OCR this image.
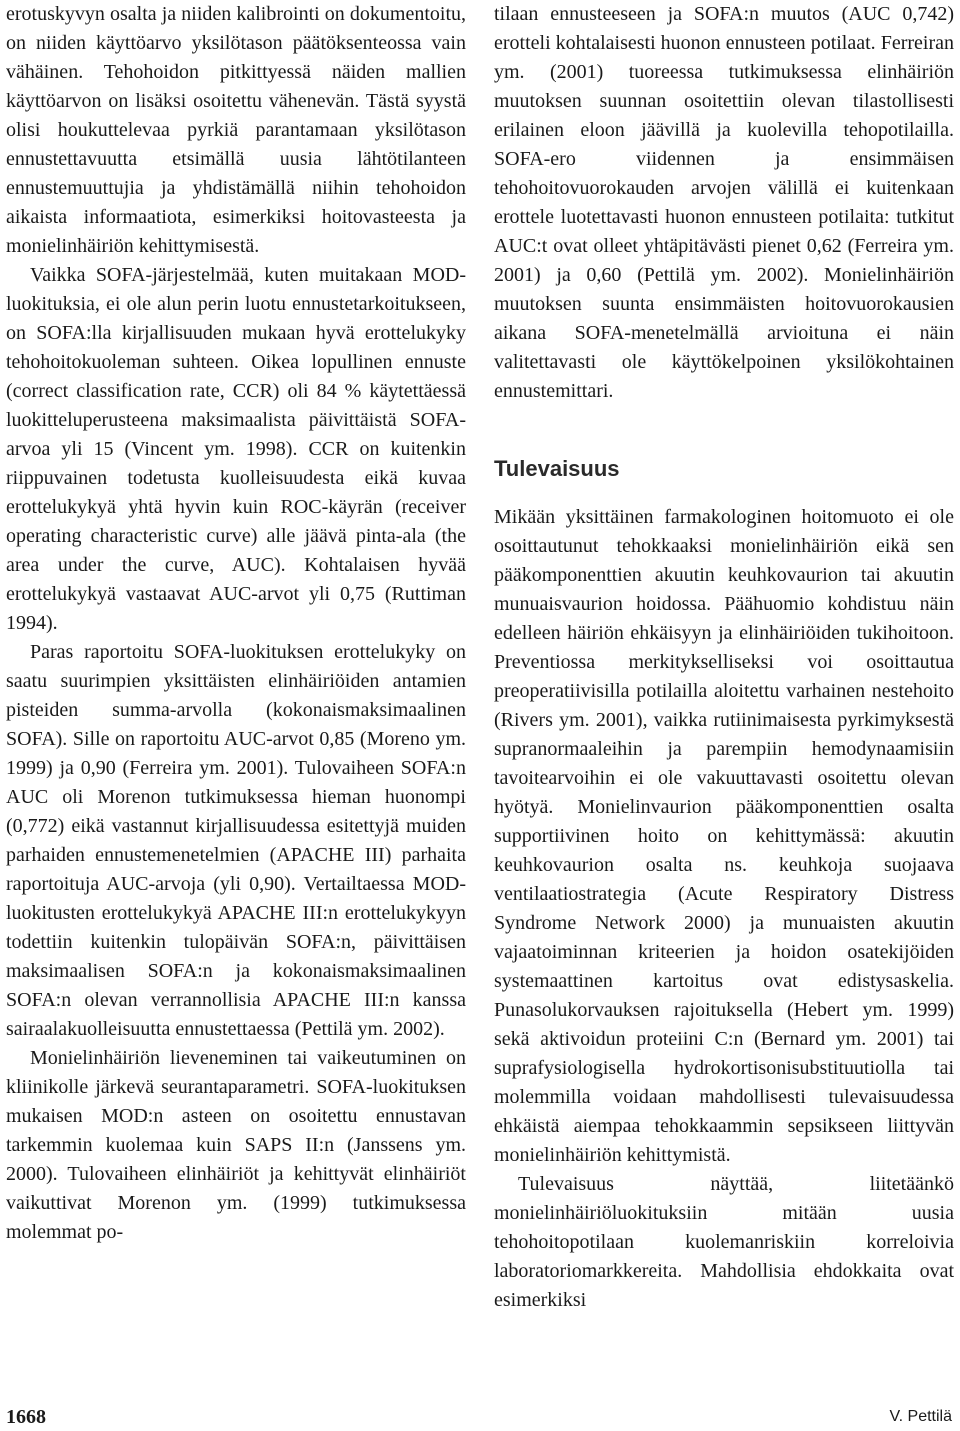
erotuskyvyn osalta ja niiden kalibrointi on dokumentoitu, on niiden käyttöarvo yksilötason päätöksenteossa vain vähäinen. Tehohoidon pitkittyessä näiden mallien käyttöarvon on lisäksi osoitettu vähenevän. Tästä syystä olisi houkuttelevaa pyrkiä parantamaan yksilötason ennustettavuutta etsimällä uusia lähtötilanteen ennustemuuttujia ja yhdistämällä niihin tehohoidon aikaista informaatiota, esimerkiksi hoitovasteesta ja monielinhäiriön kehittymisestä.

Vaikka SOFA-järjestelmää, kuten muitakaan MOD-luokituksia, ei ole alun perin luotu ennustetarkoitukseen, on SOFA:lla kirjallisuuden mukaan hyvä erottelukyky tehohoitokuoleman suhteen. Oikea lopullinen ennuste (correct classification rate, CCR) oli 84 % käytettäessä luokitteluperusteena maksimaalista päivittäistä SOFA-arvoa yli 15 (Vincent ym. 1998). CCR on kuitenkin riippuvainen todetusta kuolleisuudesta eikä kuvaa erottelukykyä yhtä hyvin kuin ROC-käyrän (receiver operating characteristic curve) alle jäävä pinta-ala (the area under the curve, AUC). Kohtalaisen hyvää erottelukykyä vastaavat AUC-arvot yli 0,75 (Ruttiman 1994).

Paras raportoitu SOFA-luokituksen erottelukyky on saatu suurimpien yksittäisten elinhäiriöiden antamien pisteiden summa-arvolla (kokonaismaksimaalinen SOFA). Sille on raportoitu AUC-arvot 0,85 (Moreno ym. 1999) ja 0,90 (Ferreira ym. 2001). Tulovaiheen SOFA:n AUC oli Morenon tutkimuksessa hieman huonompi (0,772) eikä vastannut kirjallisuudessa esitettyjä muiden parhaiden ennustemenetelmien (APACHE III) parhaita raportoituja AUC-arvoja (yli 0,90). Vertailtaessa MOD-luokitusten erottelukykyä APACHE III:n erottelukykyyn todettiin kuitenkin tulopäivän SOFA:n, päivittäisen maksimaalisen SOFA:n ja kokonaismaksimaalinen SOFA:n olevan verrannollisia APACHE III:n kanssa sairaalakuolleisuutta ennustettaessa (Pettilä ym. 2002).

Monielinhäiriön lieveneminen tai vaikeutuminen on kliinikolle järkevä seurantaparametri. SOFA-luokituksen mukaisen MOD:n asteen on osoitettu ennustavan tarkemmin kuolemaa kuin SAPS II:n (Janssens ym. 2000). Tulovaiheen elinhäiriöt ja kehittyvät elinhäiriöt vaikuttivat Morenon ym. (1999) tutkimuksessa molemmat po-

tilaan ennusteeseen ja SOFA:n muutos (AUC 0,742) erotteli kohtalaisesti huonon ennusteen potilaat. Ferreiran ym. (2001) tuoreessa tutkimuksessa elinhäiriön muutoksen suunnan osoitettiin olevan tilastollisesti erilainen eloon jäävillä ja kuolevilla tehopotilailla. SOFA-ero viidennen ja ensimmäisen tehohoitovuorokauden arvojen välillä ei kuitenkaan erottele luotettavasti huonon ennusteen potilaita: tutkitut AUC:t ovat olleet yhtäpitävästi pienet 0,62 (Ferreira ym. 2001) ja 0,60 (Pettilä ym. 2002). Monielinhäiriön muutoksen suunta ensimmäisten hoitovuorokausien aikana SOFA-menetelmällä arvioituna ei näin valitettavasti ole käyttökelpoinen yksilökohtainen ennustemittari.

Tulevaisuus

Mikään yksittäinen farmakologinen hoitomuoto ei ole osoittautunut tehokkaaksi monielinhäiriön eikä sen pääkomponenttien akuutin keuhkovaurion tai akuutin munuaisvaurion hoidossa. Päähuomio kohdistuu näin edelleen häiriön ehkäisyyn ja elinhäiriöiden tukihoitoon. Preventiossa merkitykselliseksi voi osoittautua preoperatiivisilla potilailla aloitettu varhainen nestehoito (Rivers ym. 2001), vaikka rutiinimaisesta pyrkimyksestä supranormaaleihin ja parempiin hemodynaamisiin tavoitearvoihin ei ole vakuuttavasti osoitettu olevan hyötyä. Monielinvaurion pääkomponenttien osalta supportiivinen hoito on kehittymässä: akuutin keuhkovaurion osalta ns. keuhkoja suojaava ventilaatiostrategia (Acute Respiratory Distress Syndrome Network 2000) ja munuaisten akuutin vajaatoiminnan kriteerien ja hoidon osatekijöiden systemaattinen kartoitus ovat edistysaskelia. Punasolukorvauksen rajoituksella (Hebert ym. 1999) sekä aktivoidun proteiini C:n (Bernard ym. 2001) tai suprafysiologisella hydrokortisonisubstituutiolla tai molemmilla voidaan mahdollisesti tulevaisuudessa ehkäistä aiempaa tehokkaammin sepsikseen liittyvän monielinhäiriön kehittymistä.

Tulevaisuus näyttää, liitetäänkö monielinhäiriöluokituksiin mitään uusia tehohoitopotilaan kuolemanriskiin korreloivia laboratoriomarkkereita. Mahdollisia ehdokkaita ovat esimerkiksi

1668	V. Pettilä
